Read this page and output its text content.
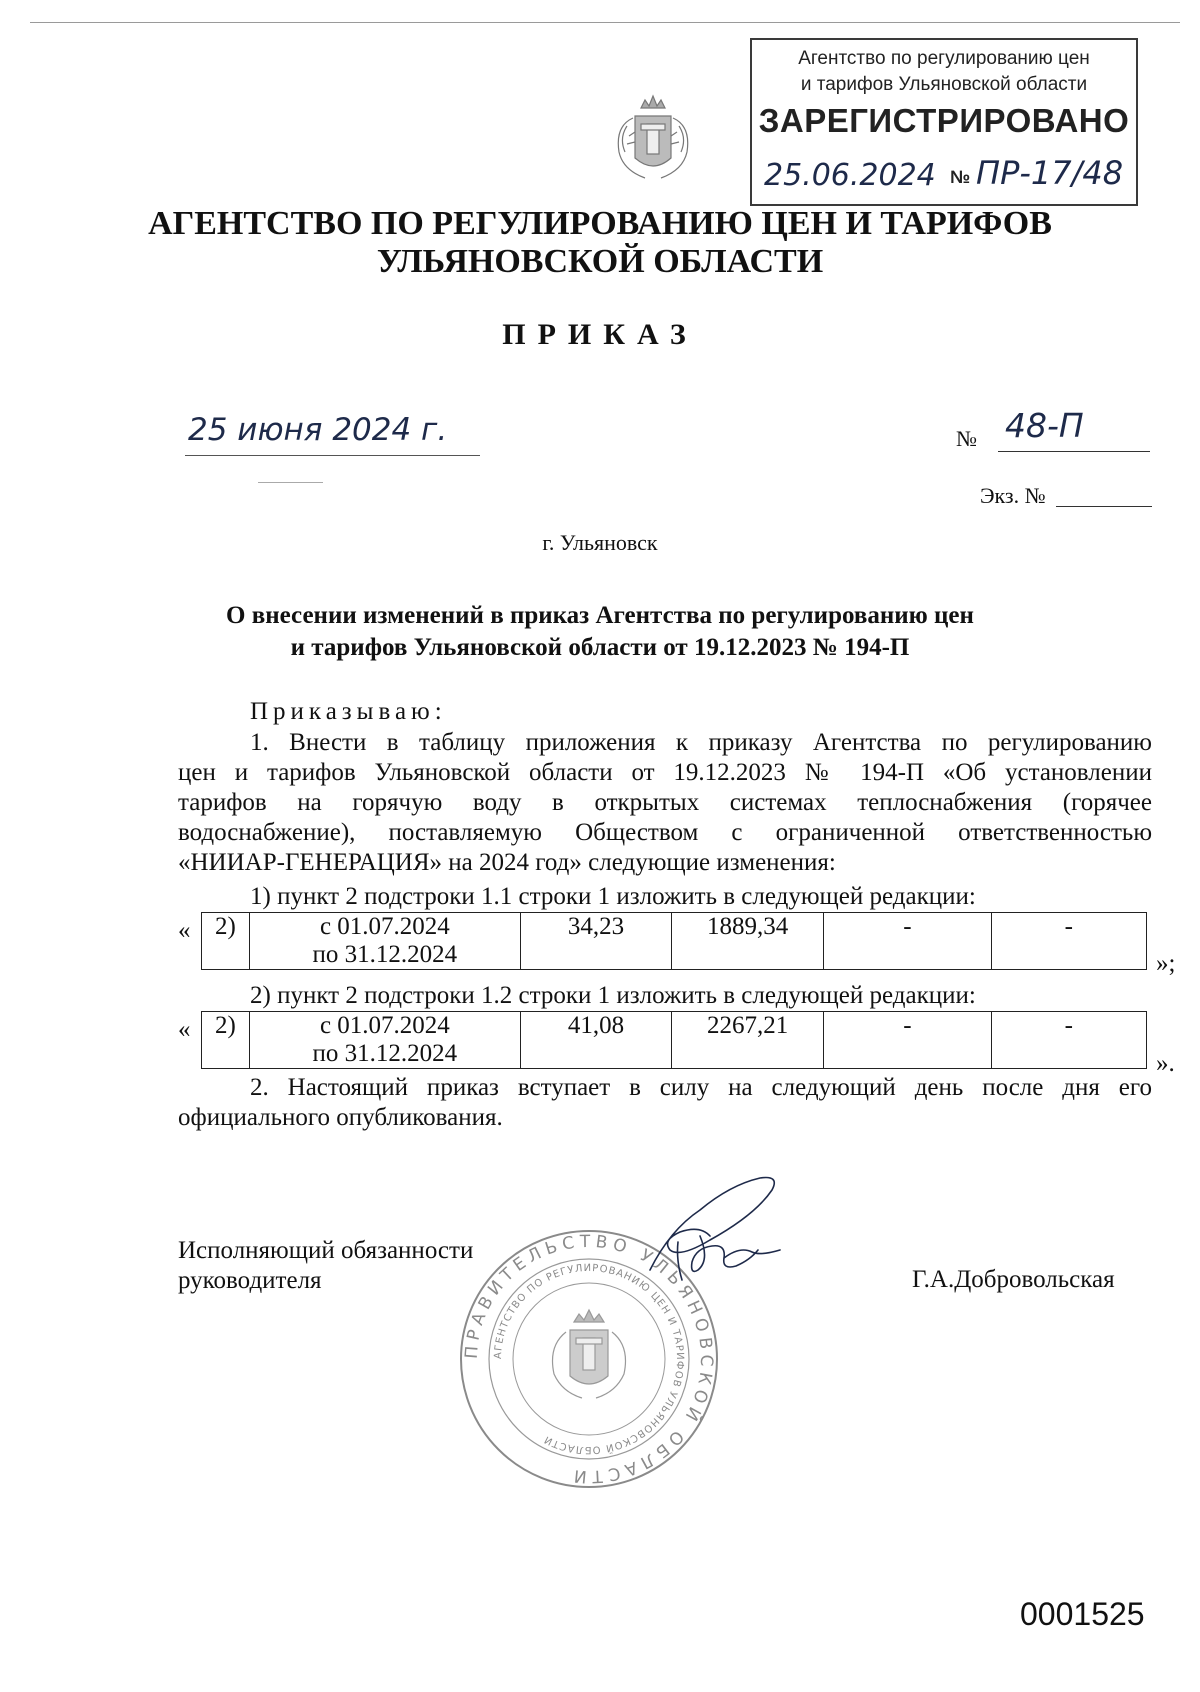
Агентство по регулированию цен
и тарифов Ульяновской области
ЗАРЕГИСТРИРОВАНО
25.06.2024 № ПР-17/48
АГЕНТСТВО ПО РЕГУЛИРОВАНИЮ ЦЕН И ТАРИФОВ
УЛЬЯНОВСКОЙ ОБЛАСТИ
ПРИКАЗ
25 июня 2024 г.	№ 48-П
Экз. №
г. Ульяновск
О внесении изменений в приказ Агентства по регулированию цен
и тарифов Ульяновской области от 19.12.2023 № 194-П
Приказываю:
1. Внести в таблицу приложения к приказу Агентства по регулированию
цен и тарифов Ульяновской области от 19.12.2023 № 194-П «Об установлении
тарифов на горячую воду в открытых системах теплоснабжения (горячее
водоснабжение), поставляемую Обществом с ограниченной ответственностью
«НИИАР-ГЕНЕРАЦИЯ» на 2024 год» следующие изменения:
1) пункт 2 подстроки 1.1 строки 1 изложить в следующей редакции:
« 2)	с 01.07.2024
по 31.12.2024
	34,23	1889,34	-	-
»;
2) пункт 2 подстроки 1.2 строки 1 изложить в следующей редакции:
« 2)	с 01.07.2024
по 31.12.2024
	41,08	2267,21	-	-
».
2. Настоящий приказ вступает в силу на следующий день после дня его
официального опубликования.
ПРАВИТЕЛЬСТВО УЛЬЯНОВСКОЙ ОБЛАСТИ
АГЕНТСТВО ПО РЕГУЛИРОВАНИЮ ЦЕН И ТАРИФОВ УЛЬЯНОВСКОЙ ОБЛАСТИ
Исполняющий обязанности
руководителя	Г.А.Добровольская
0001525
